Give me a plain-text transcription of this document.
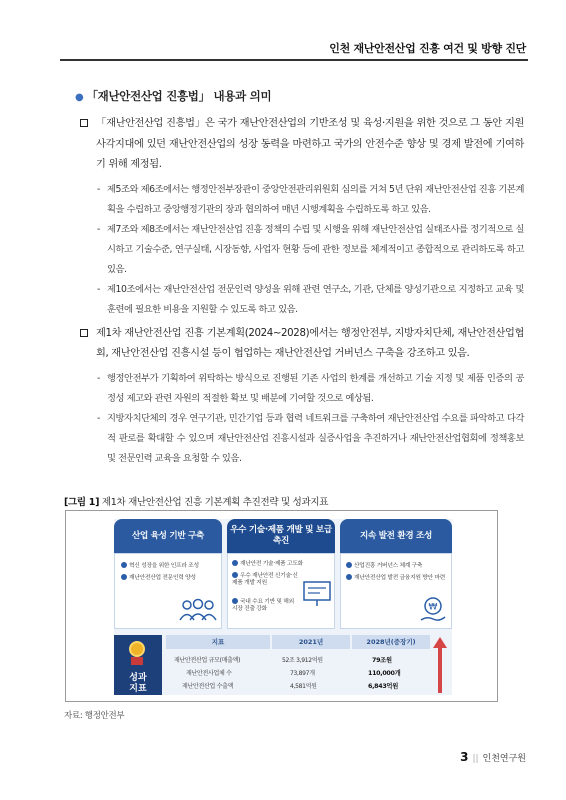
인천 재난안전산업 진흥 여건 및 방향 진단
● 「재난안전산업 진흥법」 내용과 의미
「재난안전산업 진흥법」은 국가 재난안전산업의 기반조성 및 육성·지원을 위한 것으로 그 동안 지원 사각지대에 있던 재난안전산업의 성장 동력을 마련하고 국가의 안전수준 향상 및 경제 발전에 기여하기 위해 제정됨.
- 제5조와 제6조에서는 행정안전부장관이 중앙안전관리위원회 심의를 거쳐 5년 단위 재난안전산업 진흥 기본계획을 수립하고 중앙행정기관의 장과 협의하여 매년 시행계획을 수립하도록 하고 있음.
- 제7조와 제8조에서는 재난안전산업 진흥 정책의 수립 및 시행을 위해 재난안전산업 실태조사를 정기적으로 실시하고 기술수준, 연구실태, 시장동향, 사업자 현황 등에 관한 정보를 체계적이고 종합적으로 관리하도록 하고 있음.
- 제10조에서는 재난안전산업 전문인력 양성을 위해 관련 연구소, 기관, 단체를 양성기관으로 지정하고 교육 및 훈련에 필요한 비용을 지원할 수 있도록 하고 있음.
제1차 재난안전산업 진흥 기본계획(2024~2028)에서는 행정안전부, 지방자치단체, 재난안전산업협회, 재난안전산업 진흥시설 등이 협업하는 재난안전산업 거버넌스 구축을 강조하고 있음.
- 행정안전부가 기획하여 위탁하는 방식으로 진행된 기존 사업의 한계를 개선하고 기술 지정 및 제품 인증의 공정성 제고와 관련 자원의 적절한 확보 및 배분에 기여할 것으로 예상됨.
- 지방자치단체의 경우 연구기관, 민간기업 등과 협력 네트워크를 구축하여 재난안전산업 수요를 파악하고 다각적 판로를 확대할 수 있으며 재난안전산업 진흥시설과 실증사업을 추진하거나 재난안전산업협회에 정책홍보 및 전문인력 교육을 요청할 수 있음.
[그림 1] 제1차 재난안전산업 진흥 기본계획 추진전략 및 성과지표
산업 육성 기반 구축
혁신 성장을 위한 인프라 조성
재난안전산업 전문인력 양성
우수 기술·제품 개발 및 보급 촉진
재난안전 기술·제품 고도화
우수 재난안전 신기술·신제품 개발 지원
국내 수요 기반 및 해외시장 진출 강화
지속 발전 환경 조성
산업진흥 거버넌스 체계 구축
재난안전산업 발전 금융지원 방안 마련
₩
성과
지표
지표	2021년	2028년(증장기)
재난안전산업 규모(매출액)	52조 3,912억원	79조원
재난안전사업체 수	73,897개	110,000개
재난안전산업 수출액	4,581억원	6,843억원
자료: 행정안전부
3 || 인천연구원
